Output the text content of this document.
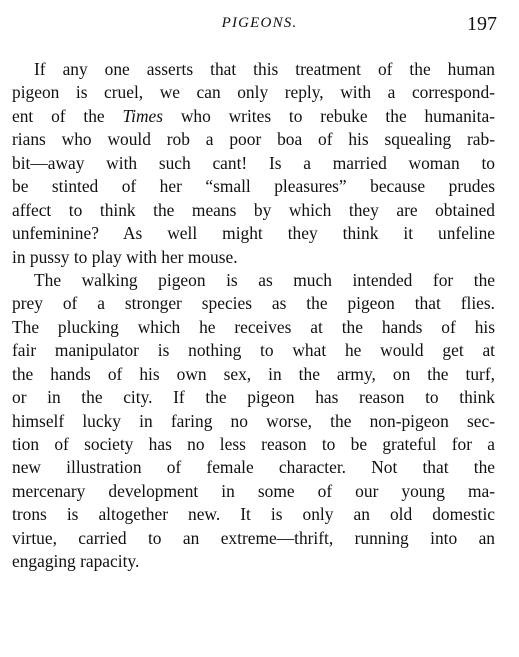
PIGEONS.	197
If any one asserts that this treatment of the human
pigeon is cruel, we can only reply, with a correspond-
ent of the Times who writes to rebuke the humanita-
rians who would rob a poor boa of his squealing rab-
bit—away with such cant! Is a married woman to
be stinted of her “small pleasures” because prudes
affect to think the means by which they are obtained
unfeminine? As well might they think it unfeline
in pussy to play with her mouse.
The walking pigeon is as much intended for the
prey of a stronger species as the pigeon that flies.
The plucking which he receives at the hands of his
fair manipulator is nothing to what he would get at
the hands of his own sex, in the army, on the turf,
or in the city. If the pigeon has reason to think
himself lucky in faring no worse, the non-pigeon sec-
tion of society has no less reason to be grateful for a
new illustration of female character. Not that the
mercenary development in some of our young ma-
trons is altogether new. It is only an old domestic
virtue, carried to an extreme—thrift, running into an
engaging rapacity.
